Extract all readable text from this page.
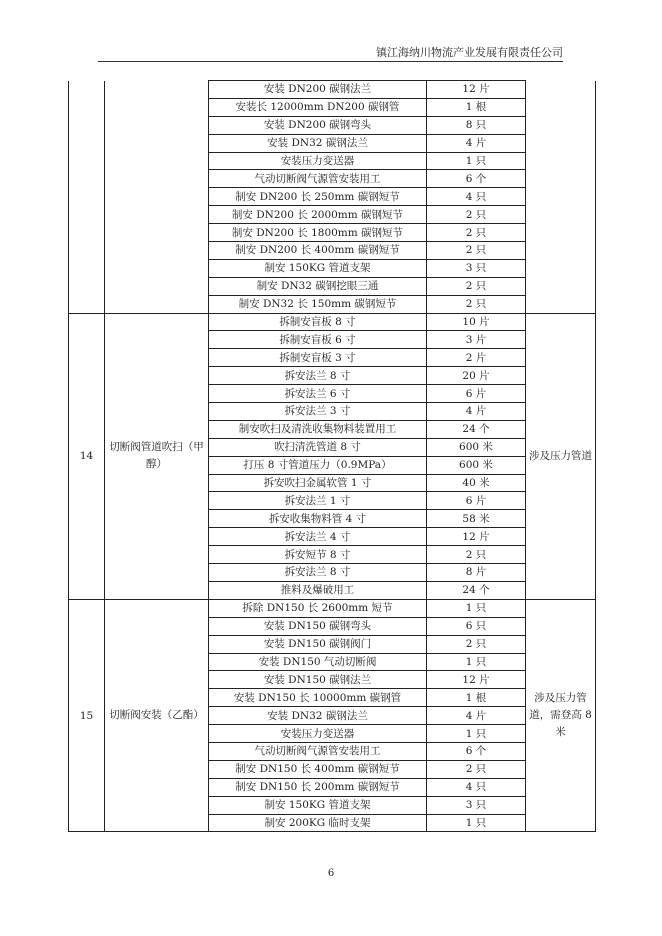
镇江海纳川物流产业发展有限责任公司
		安装 DN200 碳钢法兰	12 片	
		安装长 12000mm DN200 碳钢管	1 根	
		安装 DN200 碳钢弯头	8 只	
		安装 DN32 碳钢法兰	4 片	
		安装压力变送器	1 只	
		气动切断阀气源管安装用工	6 个	
		制安 DN200 长 250mm 碳钢短节	4 只	
		制安 DN200 长 2000mm 碳钢短节	2 只	
		制安 DN200 长 1800mm 碳钢短节	2 只	
		制安 DN200 长 400mm 碳钢短节	2 只	
		制安 150KG 管道支架	3 只	
		制安 DN32 碳钢挖眼三通	2 只	
		制安 DN32 长 150mm 碳钢短节	2 只	
14	切断阀管道吹扫（甲醇）	拆制安盲板 8 寸	10 片	涉及压力管道
		拆制安盲板 6 寸	3 片	
		拆制安盲板 3 寸	2 片	
		拆安法兰 8 寸	20 片	
		拆安法兰 6 寸	6 片	
		拆安法兰 3 寸	4 片	
		制安吹扫及清洗收集物料装置用工	24 个	
		吹扫清洗管道 8 寸	600 米	
		打压 8 寸管道压力（0.9MPa）	600 米	
		拆安吹扫金属软管 1 寸	40 米	
		拆安法兰 1 寸	6 片	
		拆安收集物料管 4 寸	58 米	
		拆安法兰 4 寸	12 片	
		拆安短节 8 寸	2 只	
		拆安法兰 8 寸	8 片	
		推料及爆破用工	24 个	
15	切断阀安装（乙酯）	拆除 DN150 长 2600mm 短节	1 只	涉及压力管道，需登高 8 米
		安装 DN150 碳钢弯头	6 只	
		安装 DN150 碳钢阀门	2 只	
		安装 DN150 气动切断阀	1 只	
		安装 DN150 碳钢法兰	12 片	
		安装 DN150 长 10000mm 碳钢管	1 根	
		安装 DN32 碳钢法兰	4 片	
		安装压力变送器	1 只	
		气动切断阀气源管安装用工	6 个	
		制安 DN150 长 400mm 碳钢短节	2 只	
		制安 DN150 长 200mm 碳钢短节	4 只	
		制安 150KG 管道支架	3 只	
		制安 200KG 临时支架	1 只	
6
